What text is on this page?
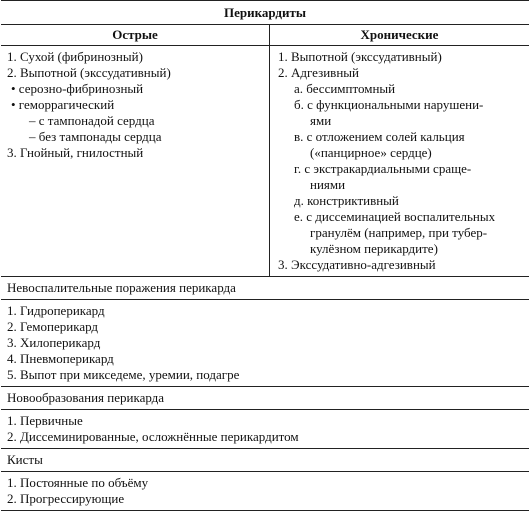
Перикардиты
Острые	Хронические
1. Сухой (фибринозный)
2. Выпотной (экссудативный)
• серозно-фибринозный
• геморрагический
– с тампонадой сердца
– без тампонады сердца
3. Гнойный, гнилостный
1. Выпотной (экссудативный)
2. Адгезивный
а. бессимптомный
б. с функциональными нарушени-
ями
в. с отложением солей кальция
(«панцирное» сердце)
г. с экстракардиальными сраще-
ниями
д. констриктивный
е. с диссеминацией воспалительных
гранулём (например, при тубер-
кулёзном перикардите)
3. Экссудативно-адгезивный
Невоспалительные поражения перикарда
1. Гидроперикард
2. Гемоперикард
3. Хилоперикард
4. Пневмоперикард
5. Выпот при микседеме, уремии, подагре
Новообразования перикарда
1. Первичные
2. Диссеминированные, осложнённые перикардитом
Кисты
1. Постоянные по объёму
2. Прогрессирующие
